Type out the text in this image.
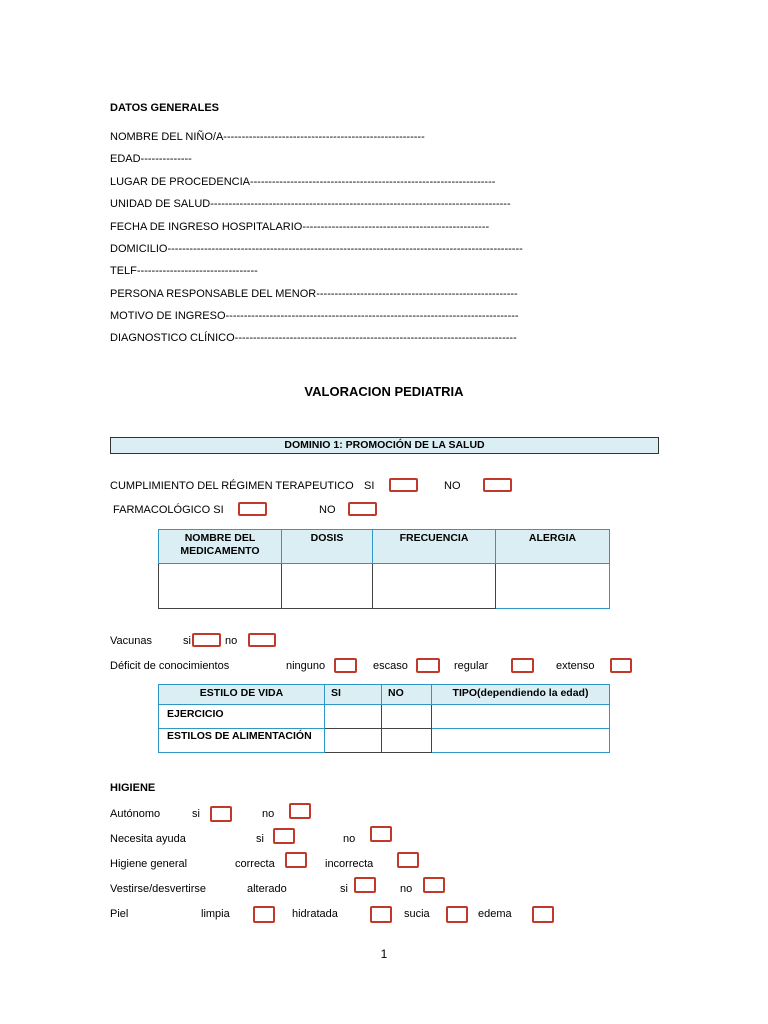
DATOS GENERALES
NOMBRE DEL NIÑO/A-------------------------------------------------------
EDAD--------------
LUGAR DE PROCEDENCIA-------------------------------------------------------------------
UNIDAD DE SALUD----------------------------------------------------------------------------------
FECHA DE INGRESO HOSPITALARIO---------------------------------------------------
DOMICILIO-------------------------------------------------------------------------------------------------
TELF---------------------------------
PERSONA RESPONSABLE DEL MENOR-------------------------------------------------------
MOTIVO DE INGRESO--------------------------------------------------------------------------------
DIAGNOSTICO CLÍNICO-----------------------------------------------------------------------------
VALORACION PEDIATRIA
DOMINIO 1: PROMOCIÓN DE LA SALUD
CUMPLIMIENTO DEL RÉGIMEN TERAPEUTICO SI	NO
FARMACOLÓGICO SI	NO
NOMBRE DEL MEDICAMENTO	DOSIS	FRECUENCIA	ALERGIA

Vacunas	si	no
Déficit de conocimientos	ninguno	escaso	regular	extenso
ESTILO DE VIDA	SI	NO	TIPO(dependiendo la edad)
EJERCICIO			
ESTILOS DE ALIMENTACIÓN			
HIGIENE
Autónomo	si	no
Necesita ayuda	si	no
Higiene general	correcta	incorrecta
Vestirse/desvertirse	alterado	si	no
Piel	limpia	hidratada	sucia	edema
1
